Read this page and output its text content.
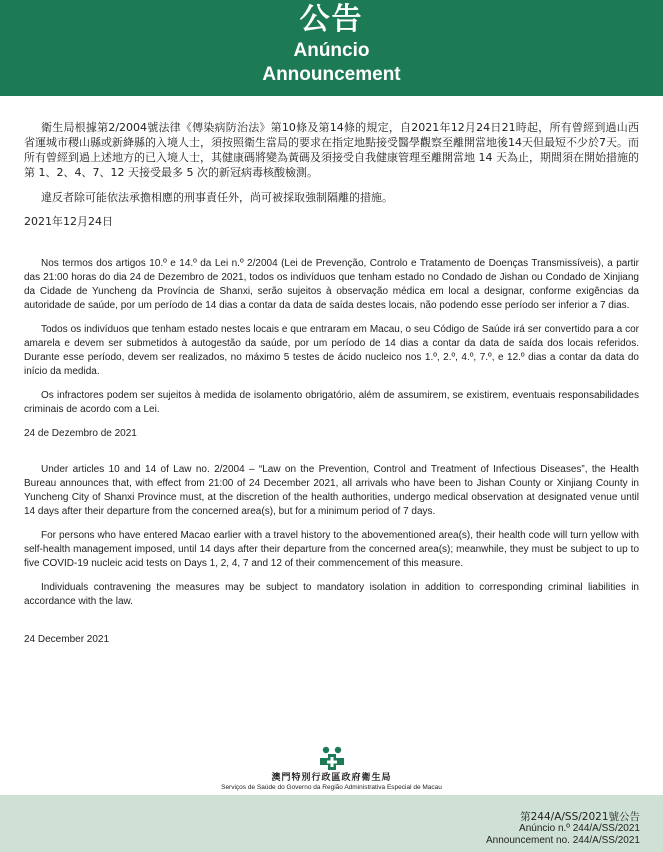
公告
Anúncio
Announcement

衛生局根據第2/2004號法律《傳染病防治法》第10條及第14條的規定，自2021年12月24日21時起，所有曾經到過山西省運城市稷山縣或新絳縣的入境人士，須按照衛生當局的要求在指定地點接受醫學觀察至離開當地後14天但最短不少於7天。而所有曾經到過上述地方的已入境人士，其健康碼將變為黃碼及須接受自我健康管理至離開當地 14 天為止，期間須在開始措施的第 1、2、4、7、12 天接受最多 5 次的新冠病毒核酸檢測。

違反者除可能依法承擔相應的刑事責任外，尚可被採取強制隔離的措施。

2021年12月24日

Nos termos dos artigos 10.º e 14.º da Lei n.º 2/2004 (Lei de Prevenção, Controlo e Tratamento de Doenças Transmissíveis), a partir das 21:00 horas do dia 24 de Dezembro de 2021, todos os indivíduos que tenham estado no Condado de Jishan ou Condado de Xinjiang da Cidade de Yuncheng da Província de Shanxi, serão sujeitos à observação médica em local a designar, conforme exigências da autoridade de saúde, por um período de 14 dias a contar da data de saída destes locais, não podendo esse período ser inferior a 7 dias.

Todos os indivíduos que tenham estado nestes locais e que entraram em Macau, o seu Código de Saúde irá ser convertido para a cor amarela e devem ser submetidos à autogestão da saúde, por um período de 14 dias a contar da data de saída dos locais referidos. Durante esse período, devem ser realizados, no máximo 5 testes de ácido nucleico nos 1.º, 2.º, 4.º, 7.º, e 12.º dias a contar da data do início da medida.

Os infractores podem ser sujeitos à medida de isolamento obrigatório, além de assumirem, se existirem, eventuais responsabilidades criminais de acordo com a Lei.

24 de Dezembro de 2021

Under articles 10 and 14 of Law no. 2/2004 – “Law on the Prevention, Control and Treatment of Infectious Diseases”, the Health Bureau announces that, with effect from 21:00 of 24 December 2021, all arrivals who have been to Jishan County or Xinjiang County in Yuncheng City of Shanxi Province must, at the discretion of the health authorities, undergo medical observation at designated venue until 14 days after their departure from the concerned area(s), but for a minimum period of 7 days.

For persons who have entered Macao earlier with a travel history to the abovementioned area(s), their health code will turn yellow with self-health management imposed, until 14 days after their departure from the concerned area(s); meanwhile, they must be subject to up to five COVID-19 nucleic acid tests on Days 1, 2, 4, 7 and 12 of their commencement of this measure.

Individuals contravening the measures may be subject to mandatory isolation in addition to corresponding criminal liabilities in accordance with the law.

24 December 2021
澳門特別行政區政府衛生局
Serviços de Saúde do Governo da Região Administrativa Especial de Macau
第244/A/SS/2021號公告
Anúncio n.º 244/A/SS/2021
Announcement no. 244/A/SS/2021
